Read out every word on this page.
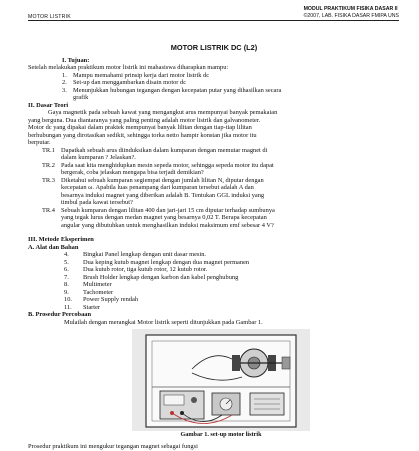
MOTOR LISTRIK
MODUL PRAKTIKUM FISIKA DASAR II
©2007, LAB. FISIKA DASAR FMIPA UNS
MOTOR LISTRIK DC (L2)
I. Tujuan:

Setelah melakukan praktikum motor listrik ini mahasiswa diharapkan mampu:

1. Mampu memahami prinsip kerja dari motor listrik dc
2. Set-up dan menggambarkan disain motor dc
3. Menunjukkan hubungan tegangan dengan kecepatan putar yang dihasilkan secara
grafik
II. Dasar Teori

Gaya magnetik pada sebuah kawat yang mengangkut arus mempunyai banyak pemakaian

yang berguna. Dua diantaranya yang paling penting adalah motor listrik dan galvanometer.

Motor dc yang dipakai dalam praktek mempunyai banyak lilitan dengan tiap-tiap lilitan

berhubungan yang dirotasikan sedikit, sehingga torka netto hampir konstan jika motor itu

berputar.

TR.1 Dapatkah sebuah arus diinduksikan dalam kumparan dengan memutar magnet di
dalam kumparan ? Jelaskan?.
TR.2 Pada saat kita menghidupkan mesin sepeda motor, sehingga sepeda motor itu dapat
bergerak, coba jelaskan mengapa bisa terjadi demikian?
TR.3 Diketahui sebuah kumparan segiempat dengan jumlah lilitan N, diputar dengan
kecepatan ω. Apabila luas penampang dari kumparan tersebut adalah A dan
besarnya induksi magnet yang diberikan adalah B. Tentukan GGL induksi yang
timbul pada kawat tersebut?
TR.4 Sebuah kumparan dengan lilitan 400 dan jari-jari 15 cm diputar terhadap sumbunya
yang tegak lurus dengan medan magnet yang besarnya 0,02 T. Berapa kecepatan
angular yang dibutuhkan untuk menghasilkan induksi maksimum emf sebesar 4 V?
III. Metode Eksperimen
A. Alat dan Bahan
4.	Bingkai Panel lengkap dengan unit dasar mesin.
5.	Dua keping kutub magnet lengkap dengan dua magnet permanen
6.	Dua kutub rotor, tiga kutub rotor, 12 kutub rotor.
7.	Brush Holder lengkap dengan karbon dan kabel penghubung
8.	Multimeter
9.	Tachometer
10.	Power Supply rendah
11.	Starter
B. Prosedur Percobaan

Mulailah dengan merangkai Motor listrik seperti ditunjukkan pada Gambar 1.

Gambar 1. set-up motor listrik

Prosedur praktikum ini mengukur tegangan magnet sebagai fungsi
